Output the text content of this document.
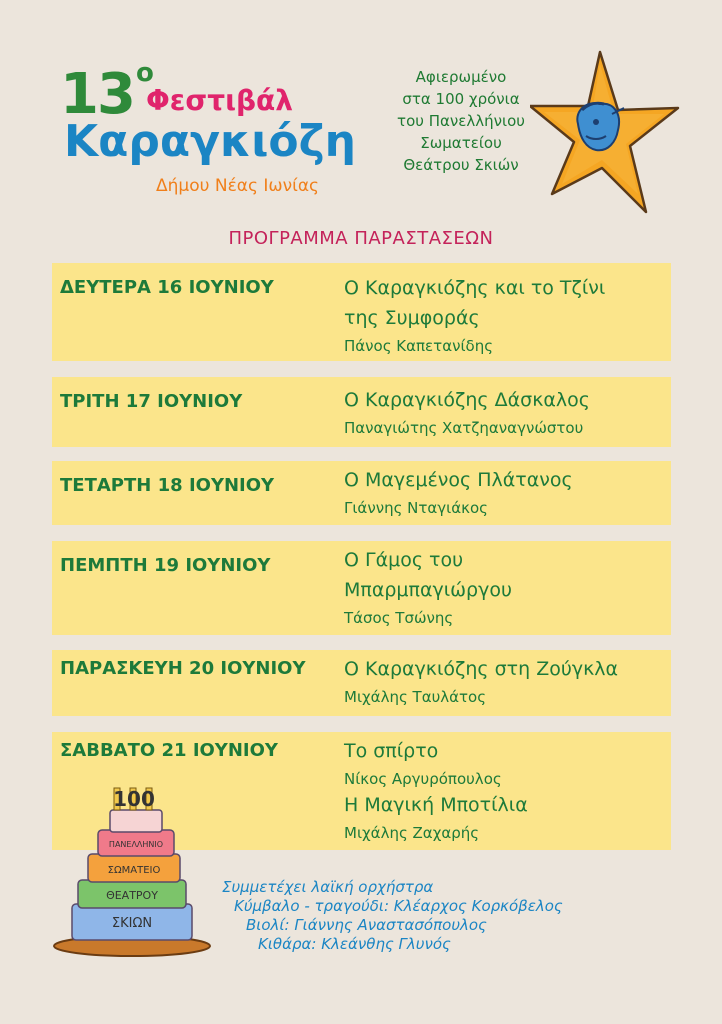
13 ο
Φεστιβάλ
Καραγκιόζη
Δήμου Νέας Ιωνίας
Αφιερωμένο
στα 100 χρόνια
του Πανελλήνιου
Σωματείου
Θεάτρου Σκιών
ΠΡΟΓΡΑΜΜΑ ΠΑΡΑΣΤΑΣΕΩΝ
ΔΕΥΤΕΡΑ 16 ΙΟΥΝΙΟΥ	Ο Καραγκιόζης και το Τζίνι
της Συμφοράς
Πάνος Καπετανίδης
ΤΡΙΤΗ 17 ΙΟΥΝΙΟΥ	Ο Καραγκιόζης Δάσκαλος
Παναγιώτης Χατζηαναγνώστου
ΤΕΤΑΡΤΗ 18 ΙΟΥΝΙΟΥ	Ο Μαγεμένος Πλάτανος
Γιάννης Νταγιάκος
ΠΕΜΠΤΗ 19 ΙΟΥΝΙΟΥ	Ο Γάμος του
Μπαρμπαγιώργου
Τάσος Τσώνης
ΠΑΡΑΣΚΕΥΗ 20 ΙΟΥΝΙΟΥ Ο Καραγκιόζης στη Ζούγκλα
Μιχάλης Ταυλάτος
ΣΑΒΒΑΤΟ 21 ΙΟΥΝΙΟΥ	Το σπίρτο
Νίκος Αργυρόπουλος
Η Μαγική Μποτίλια
Μιχάλης Ζαχαρής
100
ΠΑΝΕΛΛΗΝΙΟ
ΣΩΜΑΤΕΙΟ
ΘΕΑΤΡΟΥ
ΣΚΙΩΝ
Συμμετέχει λαϊκή ορχήστρα
Κύμβαλο - τραγούδι: Κλέαρχος Κορκόβελος
Βιολί: Γιάννης Αναστασόπουλος
Κιθάρα: Κλεάνθης Γλυνός
